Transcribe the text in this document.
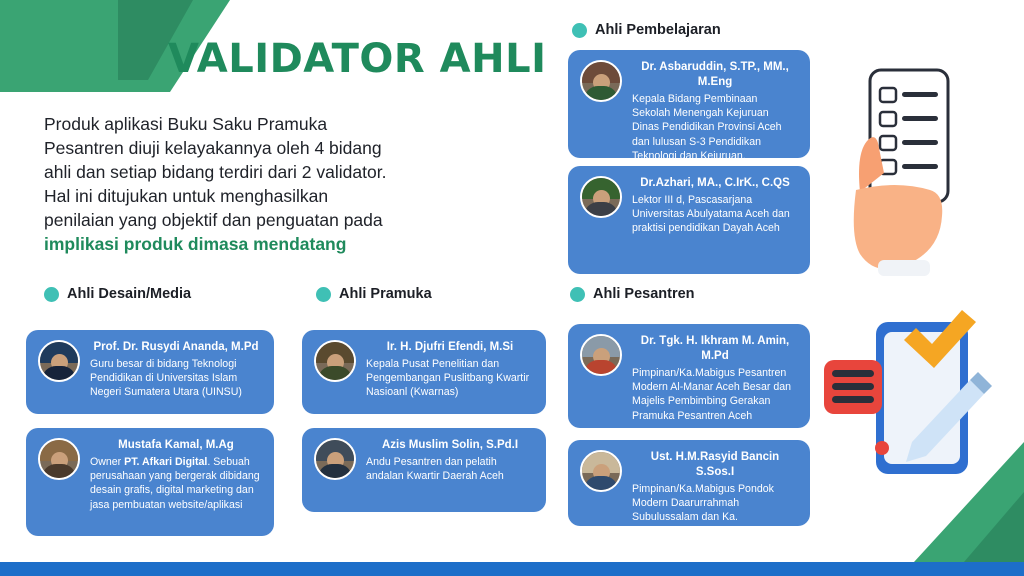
VALIDATOR AHLI
Produk aplikasi Buku Saku Pramuka
Pesantren diuji kelayakannya oleh 4 bidang
ahli dan setiap bidang terdiri dari 2 validator.
Hal ini ditujukan untuk menghasilkan
penilaian yang objektif dan penguatan pada
implikasi produk dimasa mendatang
Ahli Pembelajaran
Dr. Asbaruddin, S.TP., MM., M.Eng
Kepala Bidang Pembinaan Sekolah Menengah Kejuruan Dinas Pendidikan Provinsi Aceh dan lulusan S-3 Pendidikan Teknologi dan Kejuruan.
Dr.Azhari, MA., C.IrK., C.QS
Lektor III d, Pascasarjana Universitas Abulyatama Aceh dan praktisi pendidikan Dayah Aceh
Ahli Desain/Media
Prof. Dr. Rusydi Ananda, M.Pd
Guru besar di bidang Teknologi Pendidikan di Universitas Islam Negeri Sumatera Utara (UINSU)
Mustafa Kamal, M.Ag
Owner PT. Afkari Digital. Sebuah perusahaan yang bergerak dibidang desain grafis, digital marketing dan jasa pembuatan website/aplikasi
Ahli Pramuka
Ir. H. Djufri Efendi, M.Si
Kepala Pusat Penelitian dan Pengembangan Puslitbang Kwartir Nasioanl (Kwarnas)
Azis Muslim Solin, S.Pd.I
Andu Pesantren dan pelatih andalan Kwartir Daerah Aceh
Ahli Pesantren
Dr. Tgk. H. Ikhram M. Amin, M.Pd
Pimpinan/Ka.Mabigus Pesantren Modern Al-Manar Aceh Besar dan Majelis Pembimbing Gerakan Pramuka Pesantren Aceh
Ust. H.M.Rasyid Bancin S.Sos.I
Pimpinan/Ka.Mabigus Pondok Modern Daarurrahmah Subulussalam dan Ka. Mabicab/Wali Kota Subulussalam
